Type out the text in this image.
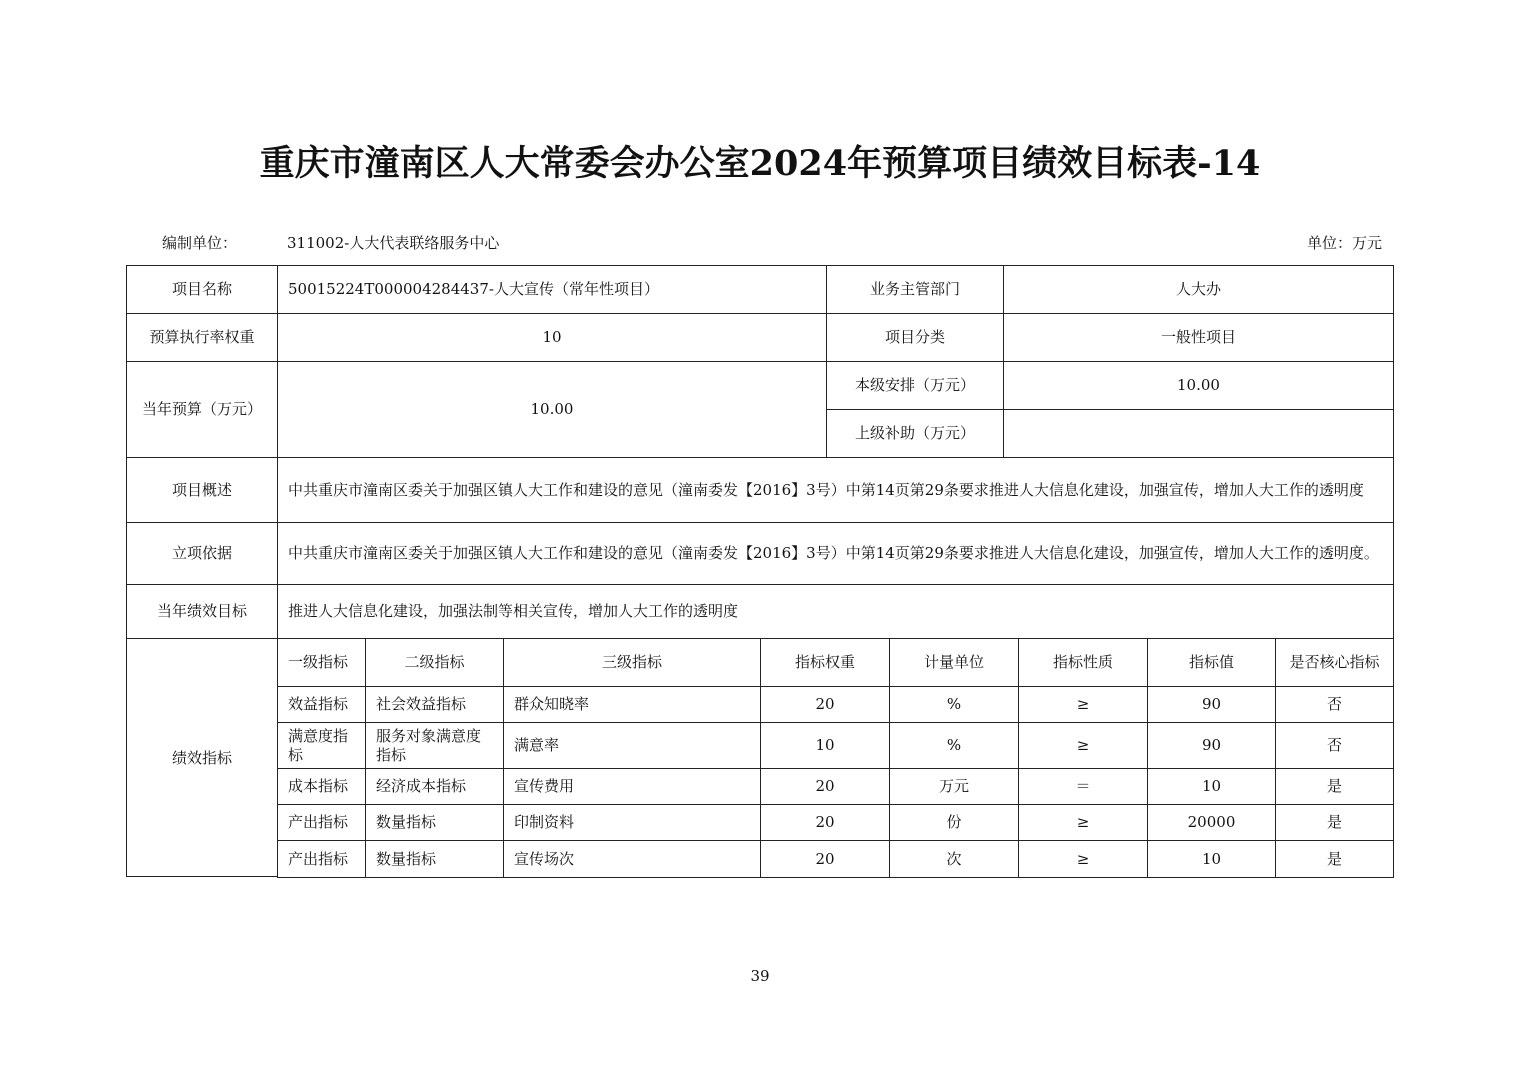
重庆市潼南区人大常委会办公室2024年预算项目绩效目标表-14
编制单位：	311002-人大代表联络服务中心	单位：万元
项目名称	50015224T000004284437-人大宣传（常年性项目）	业务主管部门	人大办
预算执行率权重	10	项目分类	一般性项目
当年预算（万元）	10.00	本级安排（万元）	10.00
		上级补助（万元）	
项目概述	中共重庆市潼南区委关于加强区镇人大工作和建设的意见（潼南委发【2016】3号）中第14页第29条要求推进人大信息化建设，加强宣传，增加人大工作的透明度		
立项依据	中共重庆市潼南区委关于加强区镇人大工作和建设的意见（潼南委发【2016】3号）中第14页第29条要求推进人大信息化建设，加强宣传，增加人大工作的透明度。		
当年绩效目标	推进人大信息化建设，加强法制等相关宣传，增加人大工作的透明度		
绩效指标
一级指标	二级指标	三级指标	指标权重	计量单位	指标性质	指标值	是否核心指标
效益指标	社会效益指标	群众知晓率	20	%	≥	90	否
满意度指标	服务对象满意度指标	满意率	10	%	≥	90	否
成本指标	经济成本指标	宣传费用	20	万元	＝	10	是
产出指标	数量指标	印制资料	20	份	≥	20000	是
产出指标	数量指标	宣传场次	20	次	≥	10	是
39
